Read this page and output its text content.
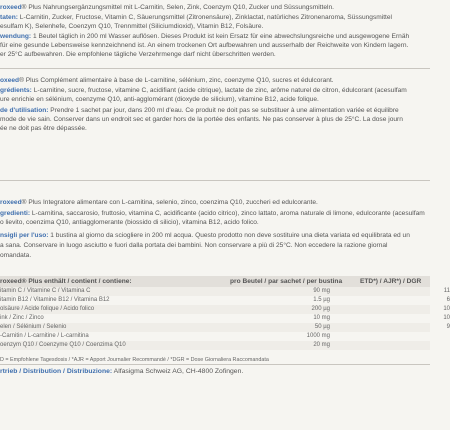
roxeed® Plus Nahrungsergänzungsmittel mit L-Carnitin, Selen, Zink, Coenzym Q10, Zucker und Süssungsmitteln.
taten: L-Carnitin, Zucker, Fructose, Vitamin C, Säuerungsmittel (Zitronensäure), Zinklactat, natürliches Zitronenaroma, Süssungsmittel
esulfam K), Selenhefe, Coenzym Q10, Trennmittel (Siliciumdioxid), Vitamin B12, Folsäure.
wendung: 1 Beutel täglich in 200 ml Wasser auflösen. Dieses Produkt ist kein Ersatz für eine abwechslungsreiche und ausgewogene Ernäh
für eine gesunde Lebensweise kennzeichnend ist. An einem trockenen Ort aufbewahren und ausserhalb der Reichweite von Kindern lagern.
er 25°C aufbewahren. Die empfohlene tägliche Verzehrmenge darf nicht überschritten werden.
oxeed® Plus Complément alimentaire à base de L-carnitine, sélénium, zinc, coenzyme Q10, sucres et édulcorant.
grédients: L-carnitine, sucre, fructose, vitamine C, acidifiant (acide citrique), lactate de zinc, arôme naturel de citron, édulcorant (acesulfam
ure enrichie en sélénium, coenzyme Q10, anti-agglomérant (dioxyde de silicium), vitamine B12, acide folique.
de d'utilisation: Prendre 1 sachet par jour, dans 200 ml d'eau. Ce produit ne doit pas se substituer à une alimentation variée et équilibre
mode de vie sain. Conserver dans un endroit sec et garder hors de la portée des enfants. Ne pas conserver à plus de 25°C. La dose journ
ée ne doit pas être dépassée.
roxeed® Plus Integratore alimentare con L-carnitina, selenio, zinco, coenzima Q10, zuccheri ed edulcorante.
gredienti: L-carnitina, saccarosio, fruttosio, vitamina C, acidificante (acido citrico), zinco lattato, aroma naturale di limone, edulcorante (acesulfam
o lievito, coenzima Q10, antiagglomerante (biossido di silicio), vitamina B12, acido folico.
nsigli per l'uso: 1 bustina al giorno da sciogliere in 200 ml acqua. Questo prodotto non deve sostituire una dieta variata ed equilibrata ed un
a sana. Conservare in luogo asciutto e fuori dalla portata dei bambini. Non conservare a più di 25°C. Non eccedere la razione giornal
omandata.
roxeed® Plus enthält / contient / contiene:	pro Beutel / par sachet / per bustina	ETD*) / AJR*) / DGR
itamin C / Vitamine C / Vitamina C	90 mg	11
itamin B12 / Vitamine B12 / Vitamina B12	1.5 µg	6
olsäure / Acide folique / Acido folico	200 µg	10
ink / Zinc / Zinco	10 mg	10
elen / Sélénium / Selenio	50 µg	9
-Carnitin / L-carnitine / L-carnitina	1000 mg
oenzym Q10 / Coenzyme Q10 / Coenzima Q10	20 mg
D = Empfohlene Tagesdosis / *AJR = Apport Journalier Recommandé / *DGR = Dose Giornaliera Raccomandata
rtrieb / Distribution / Distribuzione: Alfasigma Schweiz AG, CH-4800 Zofingen.
